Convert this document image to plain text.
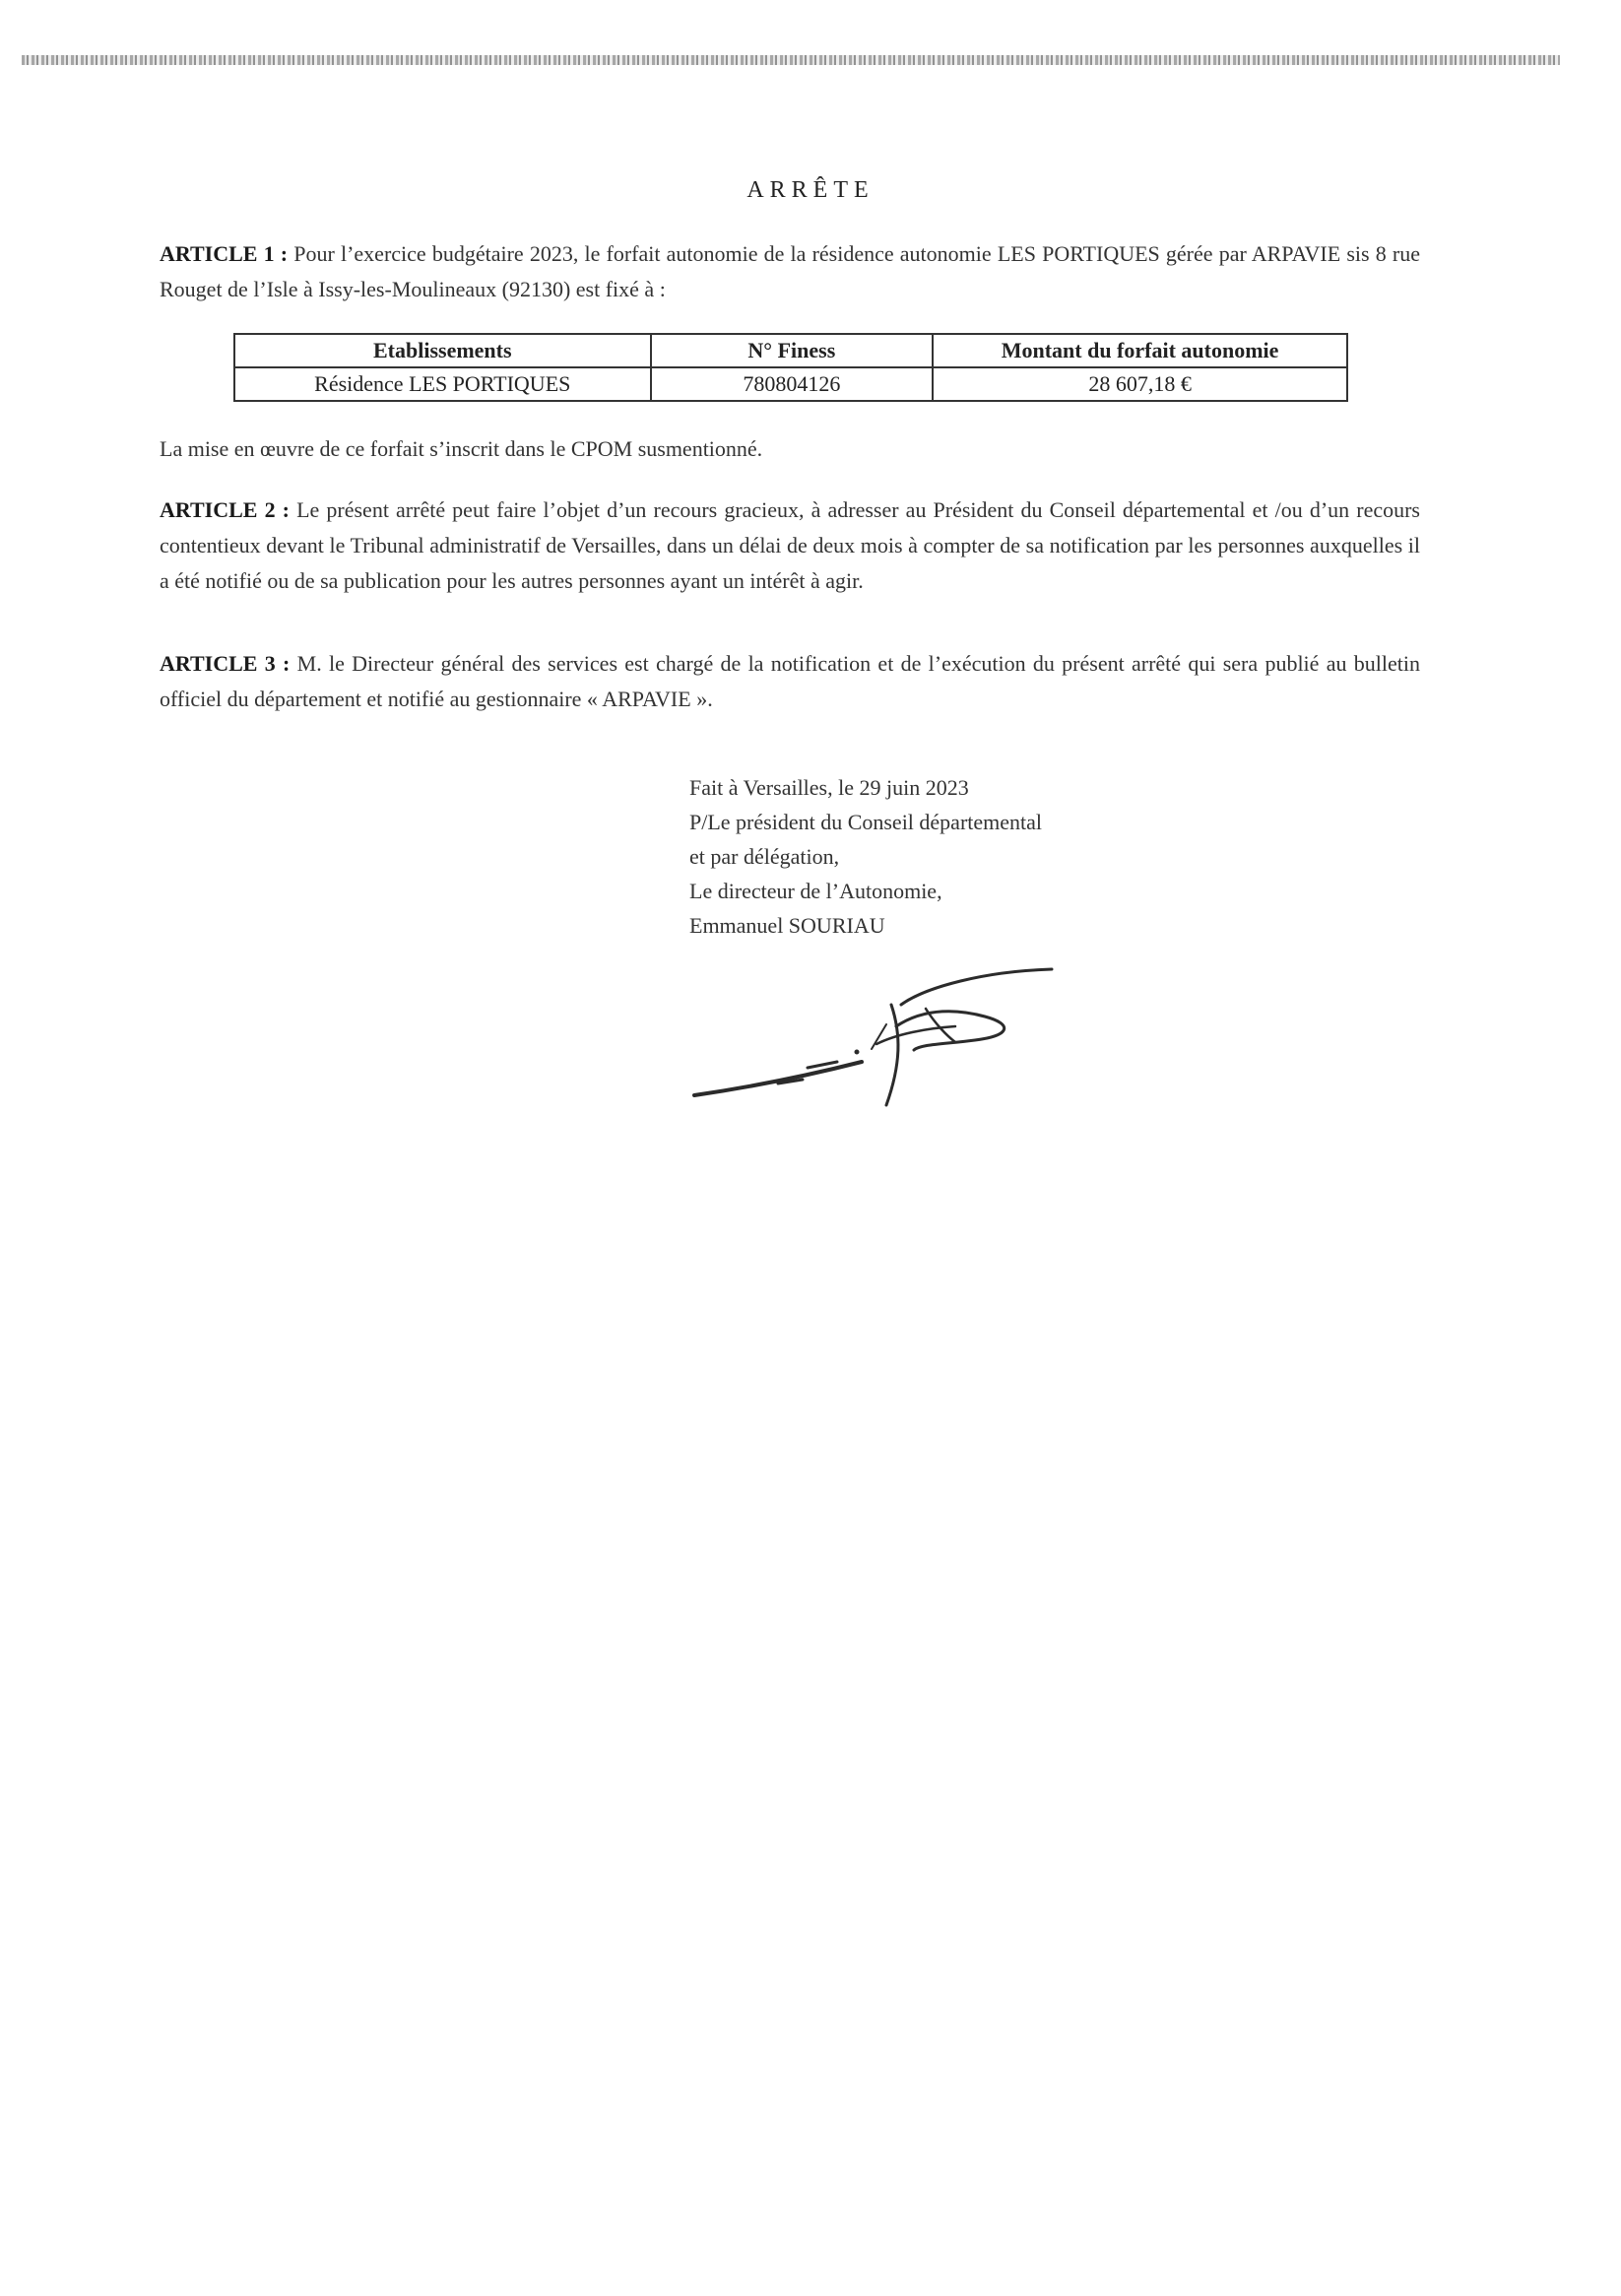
ARRÊTE
ARTICLE 1 : Pour l’exercice budgétaire 2023, le forfait autonomie de la résidence autonomie LES PORTIQUES gérée par ARPAVIE sis 8 rue Rouget de l’Isle à Issy-les-Moulineaux (92130) est fixé à :
Etablissements	N° Finess	Montant du forfait autonomie
Résidence LES PORTIQUES	780804126	28 607,18 €
La mise en œuvre de ce forfait s’inscrit dans le CPOM susmentionné.
ARTICLE 2 : Le présent arrêté peut faire l’objet d’un recours gracieux, à adresser au Président du Conseil départemental et /ou d’un recours contentieux devant le Tribunal administratif de Versailles, dans un délai de deux mois à compter de sa notification par les personnes auxquelles il a été notifié ou de sa publication pour les autres personnes ayant un intérêt à agir.
ARTICLE 3 : M. le Directeur général des services est chargé de la notification et de l’exécution du présent arrêté qui sera publié au bulletin officiel du département et notifié au gestionnaire « ARPAVIE ».
Fait à Versailles, le 29 juin 2023
P/Le président du Conseil départemental
et par délégation,
Le directeur de l’Autonomie,
Emmanuel SOURIAU
